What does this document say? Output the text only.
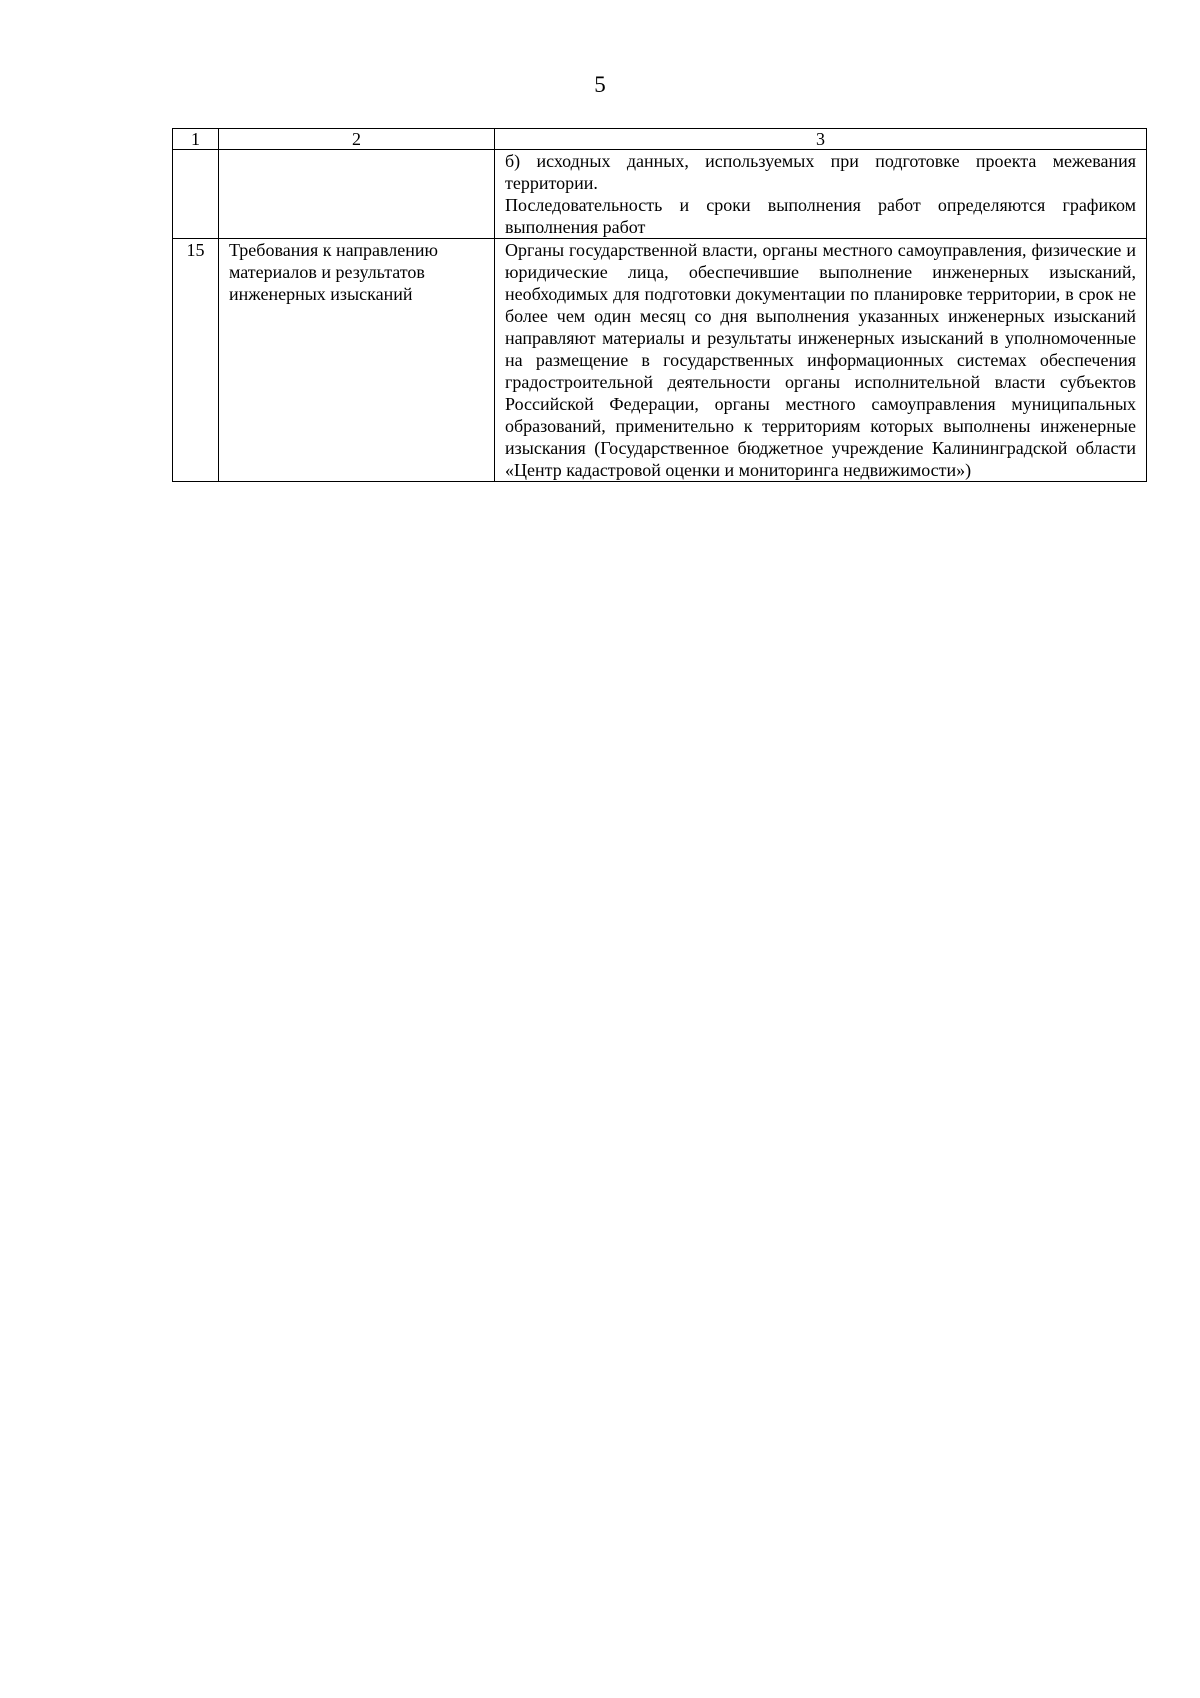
5
1	2	3

		б) исходных данных, используемых при подготовке проекта межевания территории.

Последовательность и сроки выполнения работ определяются графиком выполнения работ

15	Требования к направлению материалов и результатов инженерных изысканий	Органы государственной власти, органы местного самоуправления, физические и юридические лица, обеспечившие выполнение инженерных изысканий, необходимых для подготовки документации по планировке территории, в срок не более чем один месяц со дня выполнения указанных инженерных изысканий направляют материалы и результаты инженерных изысканий в уполномоченные на размещение в государственных информационных системах обеспечения градостроительной деятельности органы исполнительной власти субъектов Российской Федерации, органы местного самоуправления муниципальных образований, применительно к территориям которых выполнены инженерные изыскания (Государственное бюджетное учреждение Калининградской области «Центр кадастровой оценки и мониторинга недвижимости»)
